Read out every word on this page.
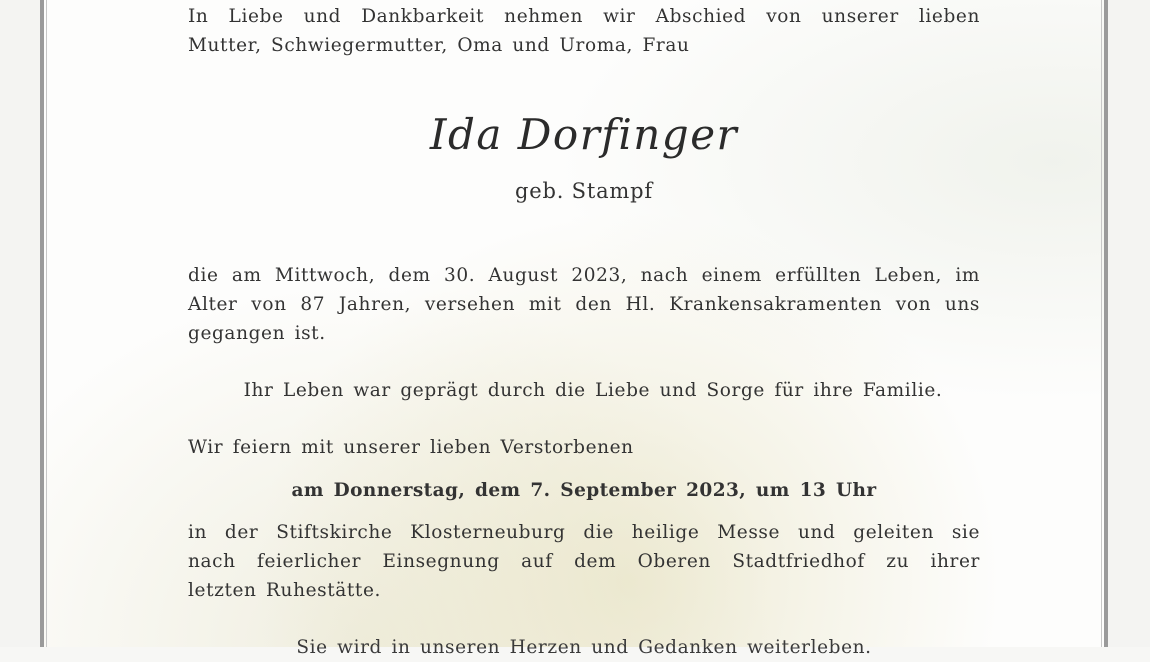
In Liebe und Dankbarkeit nehmen wir Abschied von unserer lieben
Mutter, Schwiegermutter, Oma und Uroma, Frau
Ida Dorfinger
geb. Stampf
die am Mittwoch, dem 30. August 2023, nach einem erfüllten Leben, im
Alter von 87 Jahren, versehen mit den Hl. Krankensakramenten von uns
gegangen ist.
Ihr Leben war geprägt durch die Liebe und Sorge für ihre Familie.
Wir feiern mit unserer lieben Verstorbenen
am Donnerstag, dem 7. September 2023, um 13 Uhr
in der Stiftskirche Klosterneuburg die heilige Messe und geleiten sie
nach feierlicher Einsegnung auf dem Oberen Stadtfriedhof zu ihrer
letzten Ruhestätte.
Sie wird in unseren Herzen und Gedanken weiterleben.
